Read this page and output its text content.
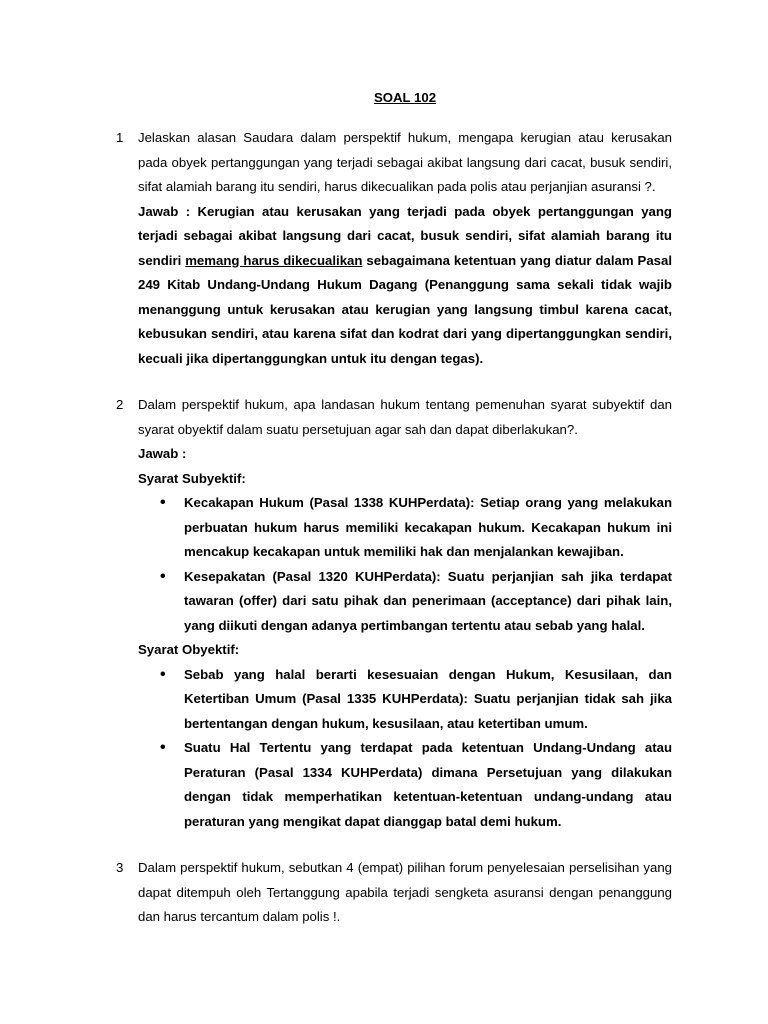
SOAL 102
1 Jelaskan alasan Saudara dalam perspektif hukum, mengapa kerugian atau kerusakan pada obyek pertanggungan yang terjadi sebagai akibat langsung dari cacat, busuk sendiri, sifat alamiah barang itu sendiri, harus dikecualikan pada polis atau perjanjian asuransi ?.

Jawab : Kerugian atau kerusakan yang terjadi pada obyek pertanggungan yang terjadi sebagai akibat langsung dari cacat, busuk sendiri, sifat alamiah barang itu sendiri memang harus dikecualikan sebagaimana ketentuan yang diatur dalam Pasal 249 Kitab Undang-Undang Hukum Dagang (Penanggung sama sekali tidak wajib menanggung untuk kerusakan atau kerugian yang langsung timbul karena cacat, kebusukan sendiri, atau karena sifat dan kodrat dari yang dipertanggungkan sendiri, kecuali jika dipertanggungkan untuk itu dengan tegas).

2 Dalam perspektif hukum, apa landasan hukum tentang pemenuhan syarat subyektif dan syarat obyektif dalam suatu persetujuan agar sah dan dapat diberlakukan?.

Jawab :

Syarat Subyektif:

• Kecakapan Hukum (Pasal 1338 KUHPerdata): Setiap orang yang melakukan perbuatan hukum harus memiliki kecakapan hukum. Kecakapan hukum ini mencakup kecakapan untuk memiliki hak dan menjalankan kewajiban.
• Kesepakatan (Pasal 1320 KUHPerdata): Suatu perjanjian sah jika terdapat tawaran (offer) dari satu pihak dan penerimaan (acceptance) dari pihak lain, yang diikuti dengan adanya pertimbangan tertentu atau sebab yang halal.

Syarat Obyektif:

• Sebab yang halal berarti kesesuaian dengan Hukum, Kesusilaan, dan Ketertiban Umum (Pasal 1335 KUHPerdata): Suatu perjanjian tidak sah jika bertentangan dengan hukum, kesusilaan, atau ketertiban umum.
• Suatu Hal Tertentu yang terdapat pada ketentuan Undang-Undang atau Peraturan (Pasal 1334 KUHPerdata) dimana Persetujuan yang dilakukan dengan tidak memperhatikan ketentuan-ketentuan undang-undang atau peraturan yang mengikat dapat dianggap batal demi hukum.
3 Dalam perspektif hukum, sebutkan 4 (empat) pilihan forum penyelesaian perselisihan yang dapat ditempuh oleh Tertanggung apabila terjadi sengketa asuransi dengan penanggung dan harus tercantum dalam polis !.
